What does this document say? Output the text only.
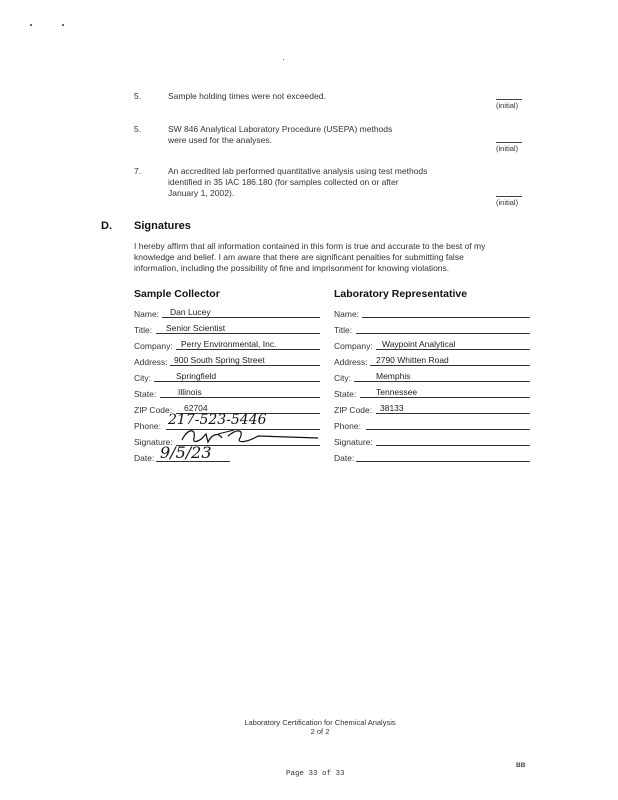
5.	Sample holding times were not exceeded.
(initial)
5.	SW 846 Analytical Laboratory Procedure (USEPA) methods
were used for the analyses.
(initial)
7.	An accredited lab performed quantitative analysis using test methods
identified in 35 IAC 186.180 (for samples collected on or after
January 1, 2002).
(initial)
D. Signatures
I hereby affirm that all information contained in this form is true and accurate to the best of my
knowledge and belief. I am aware that there are significant penalties for submitting false
information, including the possibility of fine and imprisonment for knowing violations.
Sample Collector	Laboratory Representative
Name: Dan Lucey
Title: Senior Scientist
Company: Perry Environmental, Inc.
Address: 900 South Spring Street
City:	Springfield
State:	Illinois
ZIP Code: 62704
Phone: 217-523-5446
Signature:
Date: 9/5/23
Name:
Title:
Company: Waypoint Analytical
Address: 2790 Whitten Road
City:	Memphis
State: Tennessee
ZIP Code: 38133
Phone:
Signature:
Date:
Laboratory Certification for Chemical Analysis
2 of 2
BB
Page 33 of 33
